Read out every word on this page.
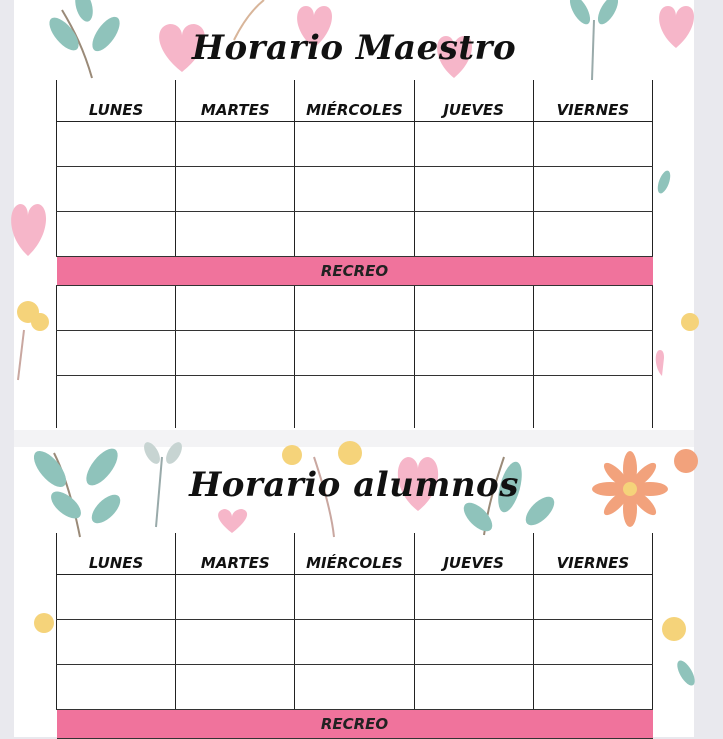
Horario Maestro
LUNES	MARTES	MIÉRCOLES	JUEVES	VIERNES

RECREO				

Horario alumnos
LUNES	MARTES	MIÉRCOLES	JUEVES	VIERNES

RECREO				
